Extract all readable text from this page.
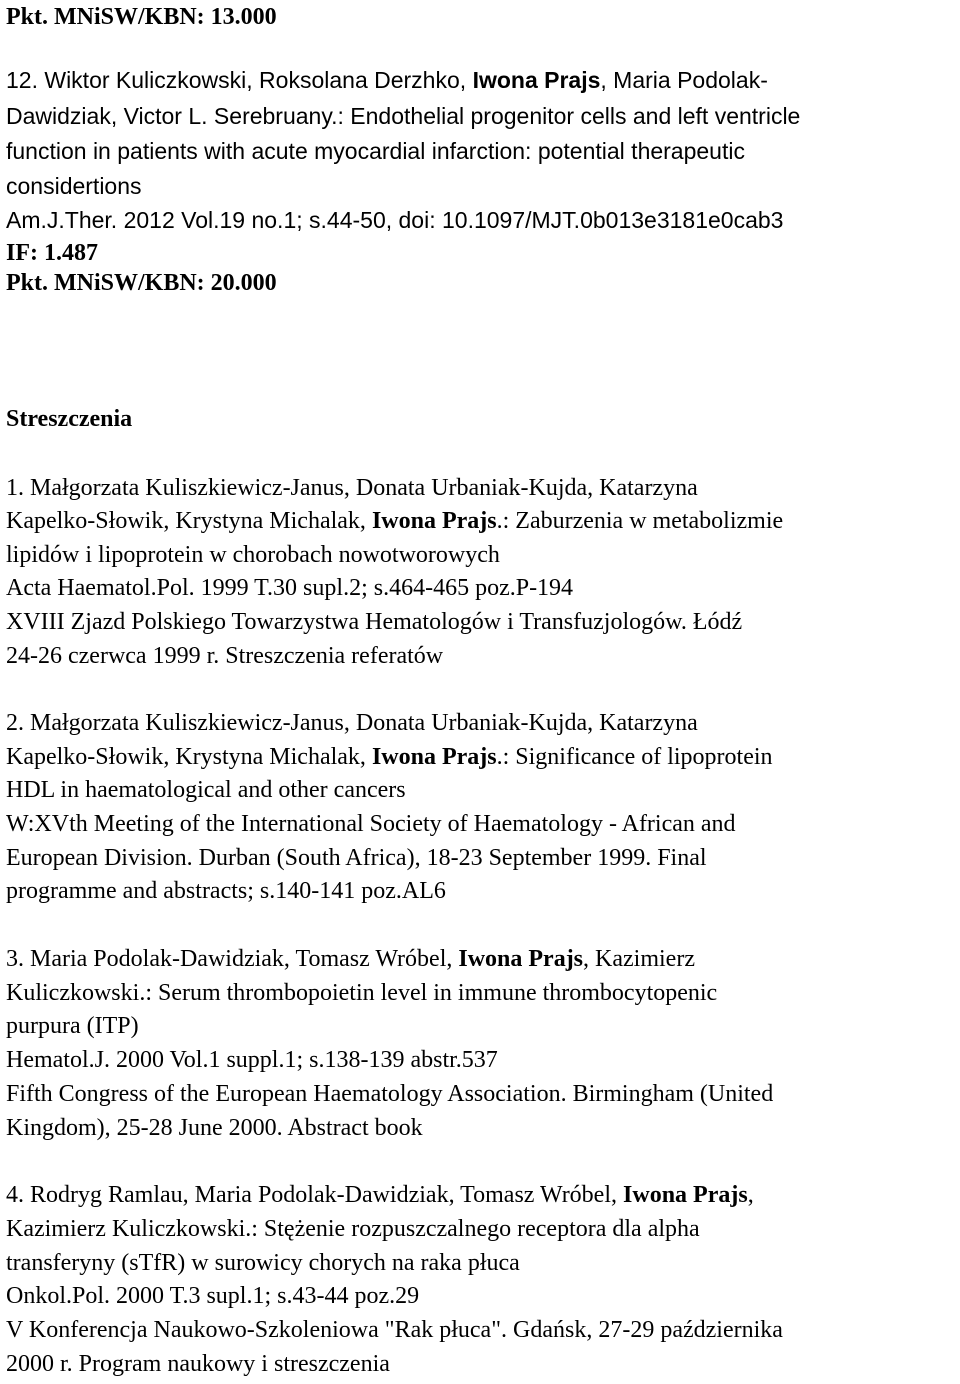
Pkt. MNiSW/KBN: 13.000
12. Wiktor Kuliczkowski, Roksolana Derzhko, Iwona Prajs, Maria Podolak-
Dawidziak, Victor L. Serebruany.: Endothelial progenitor cells and left ventricle
function in patients with acute myocardial infarction: potential therapeutic
considertions
Am.J.Ther. 2012 Vol.19 no.1; s.44-50, doi: 10.1097/MJT.0b013e3181e0cab3
IF: 1.487
Pkt. MNiSW/KBN: 20.000
Streszczenia
1. Małgorzata Kuliszkiewicz-Janus, Donata Urbaniak-Kujda, Katarzyna
Kapelko-Słowik, Krystyna Michalak, Iwona Prajs.: Zaburzenia w metabolizmie
lipidów i lipoprotein w chorobach nowotworowych
Acta Haematol.Pol. 1999 T.30 supl.2; s.464-465 poz.P-194
XVIII Zjazd Polskiego Towarzystwa Hematologów i Transfuzjologów. Łódź
24-26 czerwca 1999 r. Streszczenia referatów
2. Małgorzata Kuliszkiewicz-Janus, Donata Urbaniak-Kujda, Katarzyna
Kapelko-Słowik, Krystyna Michalak, Iwona Prajs.: Significance of lipoprotein
HDL in haematological and other cancers
W:XVth Meeting of the International Society of Haematology - African and
European Division. Durban (South Africa), 18-23 September 1999. Final
programme and abstracts; s.140-141 poz.AL6
3. Maria Podolak-Dawidziak, Tomasz Wróbel, Iwona Prajs, Kazimierz
Kuliczkowski.: Serum thrombopoietin level in immune thrombocytopenic
purpura (ITP)
Hematol.J. 2000 Vol.1 suppl.1; s.138-139 abstr.537
Fifth Congress of the European Haematology Association. Birmingham (United
Kingdom), 25-28 June 2000. Abstract book
4. Rodryg Ramlau, Maria Podolak-Dawidziak, Tomasz Wróbel, Iwona Prajs,
Kazimierz Kuliczkowski.: Stężenie rozpuszczalnego receptora dla alpha
transferyny (sTfR) w surowicy chorych na raka płuca
Onkol.Pol. 2000 T.3 supl.1; s.43-44 poz.29
V Konferencja Naukowo-Szkoleniowa "Rak płuca". Gdańsk, 27-29 października
2000 r. Program naukowy i streszczenia
